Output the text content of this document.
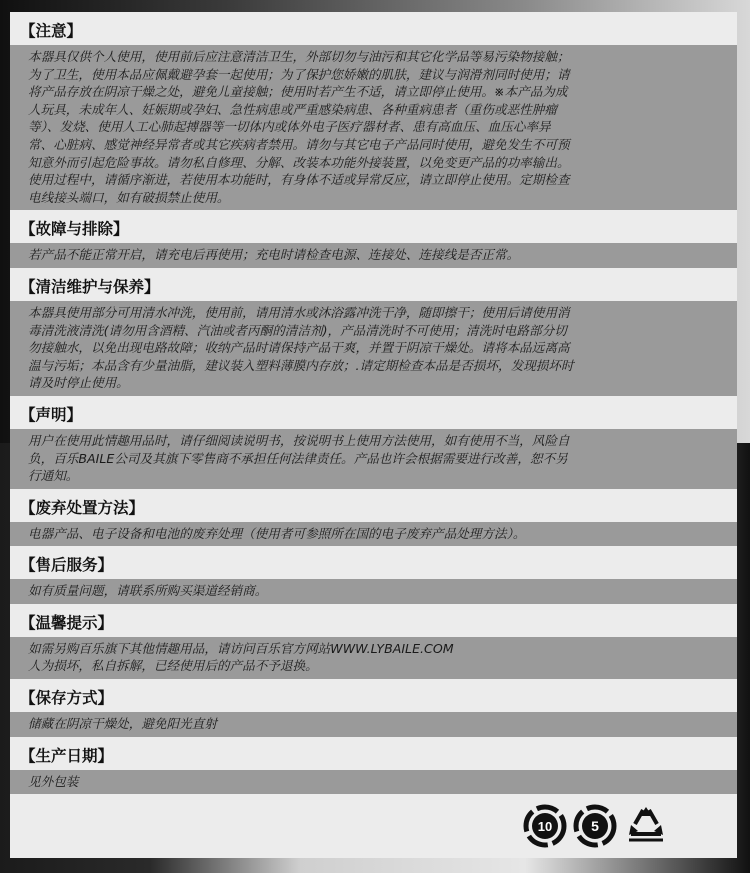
【注意】
本器具仅供个人使用，使用前后应注意清洁卫生，外部切勿与油污和其它化学品等易污染物接触；
为了卫生，使用本品应佩戴避孕套一起使用；为了保护您娇嫩的肌肤，建议与润滑剂同时使用；请
将产品存放在阴凉干燥之处，避免儿童接触；使用时若产生不适，请立即停止使用。※本产品为成
人玩具，未成年人、妊娠期或孕妇、急性病患或严重感染病患、各种重病患者（重伤或恶性肿瘤
等）、发烧、使用人工心肺起搏器等一切体内或体外电子医疗器材者、患有高血压、血压心率异
常、心脏病、感觉神经异常者或其它疾病者禁用。请勿与其它电子产品同时使用，避免发生不可预
知意外而引起危险事故。请勿私自修理、分解、改装本功能外接装置，以免变更产品的功率输出。
使用过程中，请循序渐进，若使用本功能时，有身体不适或异常反应，请立即停止使用。定期检查
电线接头端口，如有破损禁止使用。
【故障与排除】
若产品不能正常开启，请充电后再使用；充电时请检查电源、连接处、连接线是否正常。
【清洁维护与保养】
本器具使用部分可用清水冲洗，使用前，请用清水或沐浴露冲洗干净，随即擦干；使用后请使用消
毒清洗液清洗(请勿用含酒精、汽油或者丙酮的清洁剂)，产品清洗时不可使用；清洗时电路部分切
勿接触水，以免出现电路故障；收纳产品时请保持产品干爽，并置于阴凉干燥处。请将本品远离高
温与污垢；本品含有少量油脂，建议装入塑料薄膜内存放；.请定期检查本品是否损坏，发现损坏时
请及时停止使用。
【声明】
用户在使用此情趣用品时，请仔细阅读说明书，按说明书上使用方法使用，如有使用不当，风险自
负，百乐BAILE公司及其旗下零售商不承担任何法律责任。产品也许会根据需要进行改善，恕不另
行通知。
【废弃处置方法】
电器产品、电子设备和电池的废弃处理（使用者可参照所在国的电子废弃产品处理方法）。
【售后服务】
如有质量问题，请联系所购买渠道经销商。
【温馨提示】
如需另购百乐旗下其他情趣用品，请访问百乐官方网站WWW.LYBAILE.COM
人为损坏，私自拆解，已经使用后的产品不予退换。
【保存方式】
储藏在阴凉干燥处，避免阳光直射
【生产日期】
见外包装
10	5
